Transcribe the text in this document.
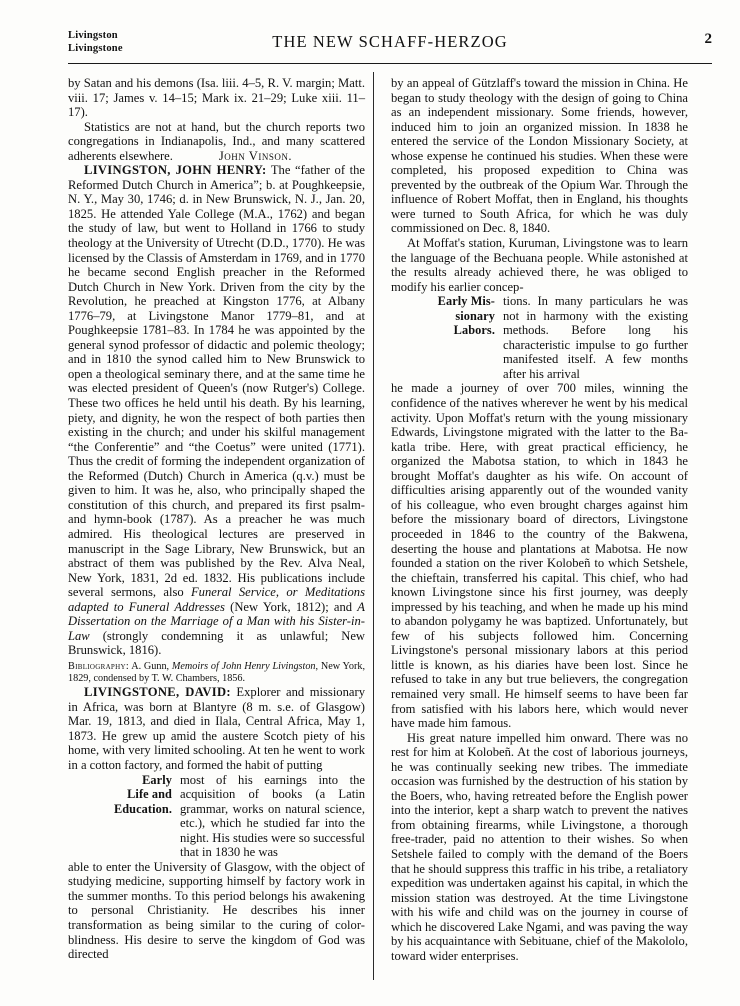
Livingston
Livingstone	THE NEW SCHAFF-HERZOG	2

by Satan and his demons (Isa. liii. 4–5, R. V. margin; Matt. viii. 17; James v. 14–15; Mark ix. 21–29; Luke xiii. 11–17).

Statistics are not at hand, but the church reports two congregations in Indianapolis, Ind., and many scattered adherents elsewhere.	John Vinson.

LIVINGSTON, JOHN HENRY: The “father of the Reformed Dutch Church in America”; b. at Poughkeepsie, N. Y., May 30, 1746; d. in New Brunswick, N. J., Jan. 20, 1825. He attended Yale College (M.A., 1762) and began the study of law, but went to Holland in 1766 to study theology at the University of Utrecht (D.D., 1770). He was licensed by the Classis of Amsterdam in 1769, and in 1770 he became second English preacher in the Reformed Dutch Church in New York. Driven from the city by the Revolution, he preached at Kingston 1776, at Albany 1776–79, at Livingstone Manor 1779–81, and at Poughkeepsie 1781–83. In 1784 he was appointed by the general synod professor of didactic and polemic theology; and in 1810 the synod called him to New Brunswick to open a theological seminary there, and at the same time he was elected president of Queen's (now Rutger's) College. These two offices he held until his death. By his learning, piety, and dignity, he won the respect of both parties then existing in the church; and under his skilful management “the Conferentie” and “the Coetus” were united (1771). Thus the credit of forming the independent organization of the Reformed (Dutch) Church in America (q.v.) must be given to him. It was he, also, who principally shaped the constitution of this church, and prepared its first psalm- and hymn-book (1787). As a preacher he was much admired. His theological lectures are preserved in manuscript in the Sage Library, New Brunswick, but an abstract of them was published by the Rev. Alva Neal, New York, 1831, 2d ed. 1832. His publications include several sermons, also Funeral Service, or Meditations adapted to Funeral Addresses (New York, 1812); and A Dissertation on the Marriage of a Man with his Sister-in-Law (strongly condemning it as unlawful; New Brunswick, 1816).

Bibliography: A. Gunn, Memoirs of John Henry Livingston, New York, 1829, condensed by T. W. Chambers, 1856.

LIVINGSTONE, DAVID: Explorer and missionary in Africa, was born at Blantyre (8 m. s.e. of Glasgow) Mar. 19, 1813, and died in Ilala, Central Africa, May 1, 1873. He grew up amid the austere Scotch piety of his home, with very limited schooling. At ten he went to work in a cotton factory, and formed the habit of putting

Early
Life and
Education.

most of his earnings into the acquisition of books (a Latin grammar, works on natural science, etc.), which he studied far into the night. His studies were so successful that in 1830 he was

able to enter the University of Glasgow, with the object of studying medicine, supporting himself by factory work in the summer months. To this period belongs his awakening to personal Christianity. He describes his inner transformation as being similar to the curing of color-blindness. His desire to serve the kingdom of God was directed

by an appeal of Gützlaff's toward the mission in China. He began to study theology with the design of going to China as an independent missionary. Some friends, however, induced him to join an organized mission. In 1838 he entered the service of the London Missionary Society, at whose expense he continued his studies. When these were completed, his proposed expedition to China was prevented by the outbreak of the Opium War. Through the influence of Robert Moffat, then in England, his thoughts were turned to South Africa, for which he was duly commissioned on Dec. 8, 1840.

At Moffat's station, Kuruman, Livingstone was to learn the language of the Bechuana people. While astonished at the results already achieved there, he was obliged to modify his earlier concep-

Early Mis-
sionary
Labors.

tions. In many particulars he was not in harmony with the existing methods. Before long his characteristic impulse to go further manifested itself. A few months after his arrival

he made a journey of over 700 miles, winning the confidence of the natives wherever he went by his medical activity. Upon Moffat's return with the young missionary Edwards, Livingstone migrated with the latter to the Ba-katla tribe. Here, with great practical efficiency, he organized the Mabotsa station, to which in 1843 he brought Moffat's daughter as his wife. On account of difficulties arising apparently out of the wounded vanity of his colleague, who even brought charges against him before the missionary board of directors, Livingstone proceeded in 1846 to the country of the Bakwena, deserting the house and plantations at Mabotsa. He now founded a station on the river Kolobeñ to which Setshele, the chieftain, transferred his capital. This chief, who had known Livingstone since his first journey, was deeply impressed by his teaching, and when he made up his mind to abandon polygamy he was baptized. Unfortunately, but few of his subjects followed him. Concerning Livingstone's personal missionary labors at this period little is known, as his diaries have been lost. Since he refused to take in any but true believers, the congregation remained very small. He himself seems to have been far from satisfied with his labors here, which would never have made him famous.

His great nature impelled him onward. There was no rest for him at Kolobeñ. At the cost of laborious journeys, he was continually seeking new tribes. The immediate occasion was furnished by the destruction of his station by the Boers, who, having retreated before the English power into the interior, kept a sharp watch to prevent the natives from obtaining firearms, while Livingstone, a thorough free-trader, paid no attention to their wishes. So when Setshele failed to comply with the demand of the Boers that he should suppress this traffic in his tribe, a retaliatory expedition was undertaken against his capital, in which the mission station was destroyed. At the time Livingstone with his wife and child was on the journey in course of which he discovered Lake Ngami, and was paving the way by his acquaintance with Sebituane, chief of the Makololo, toward wider enterprises.
